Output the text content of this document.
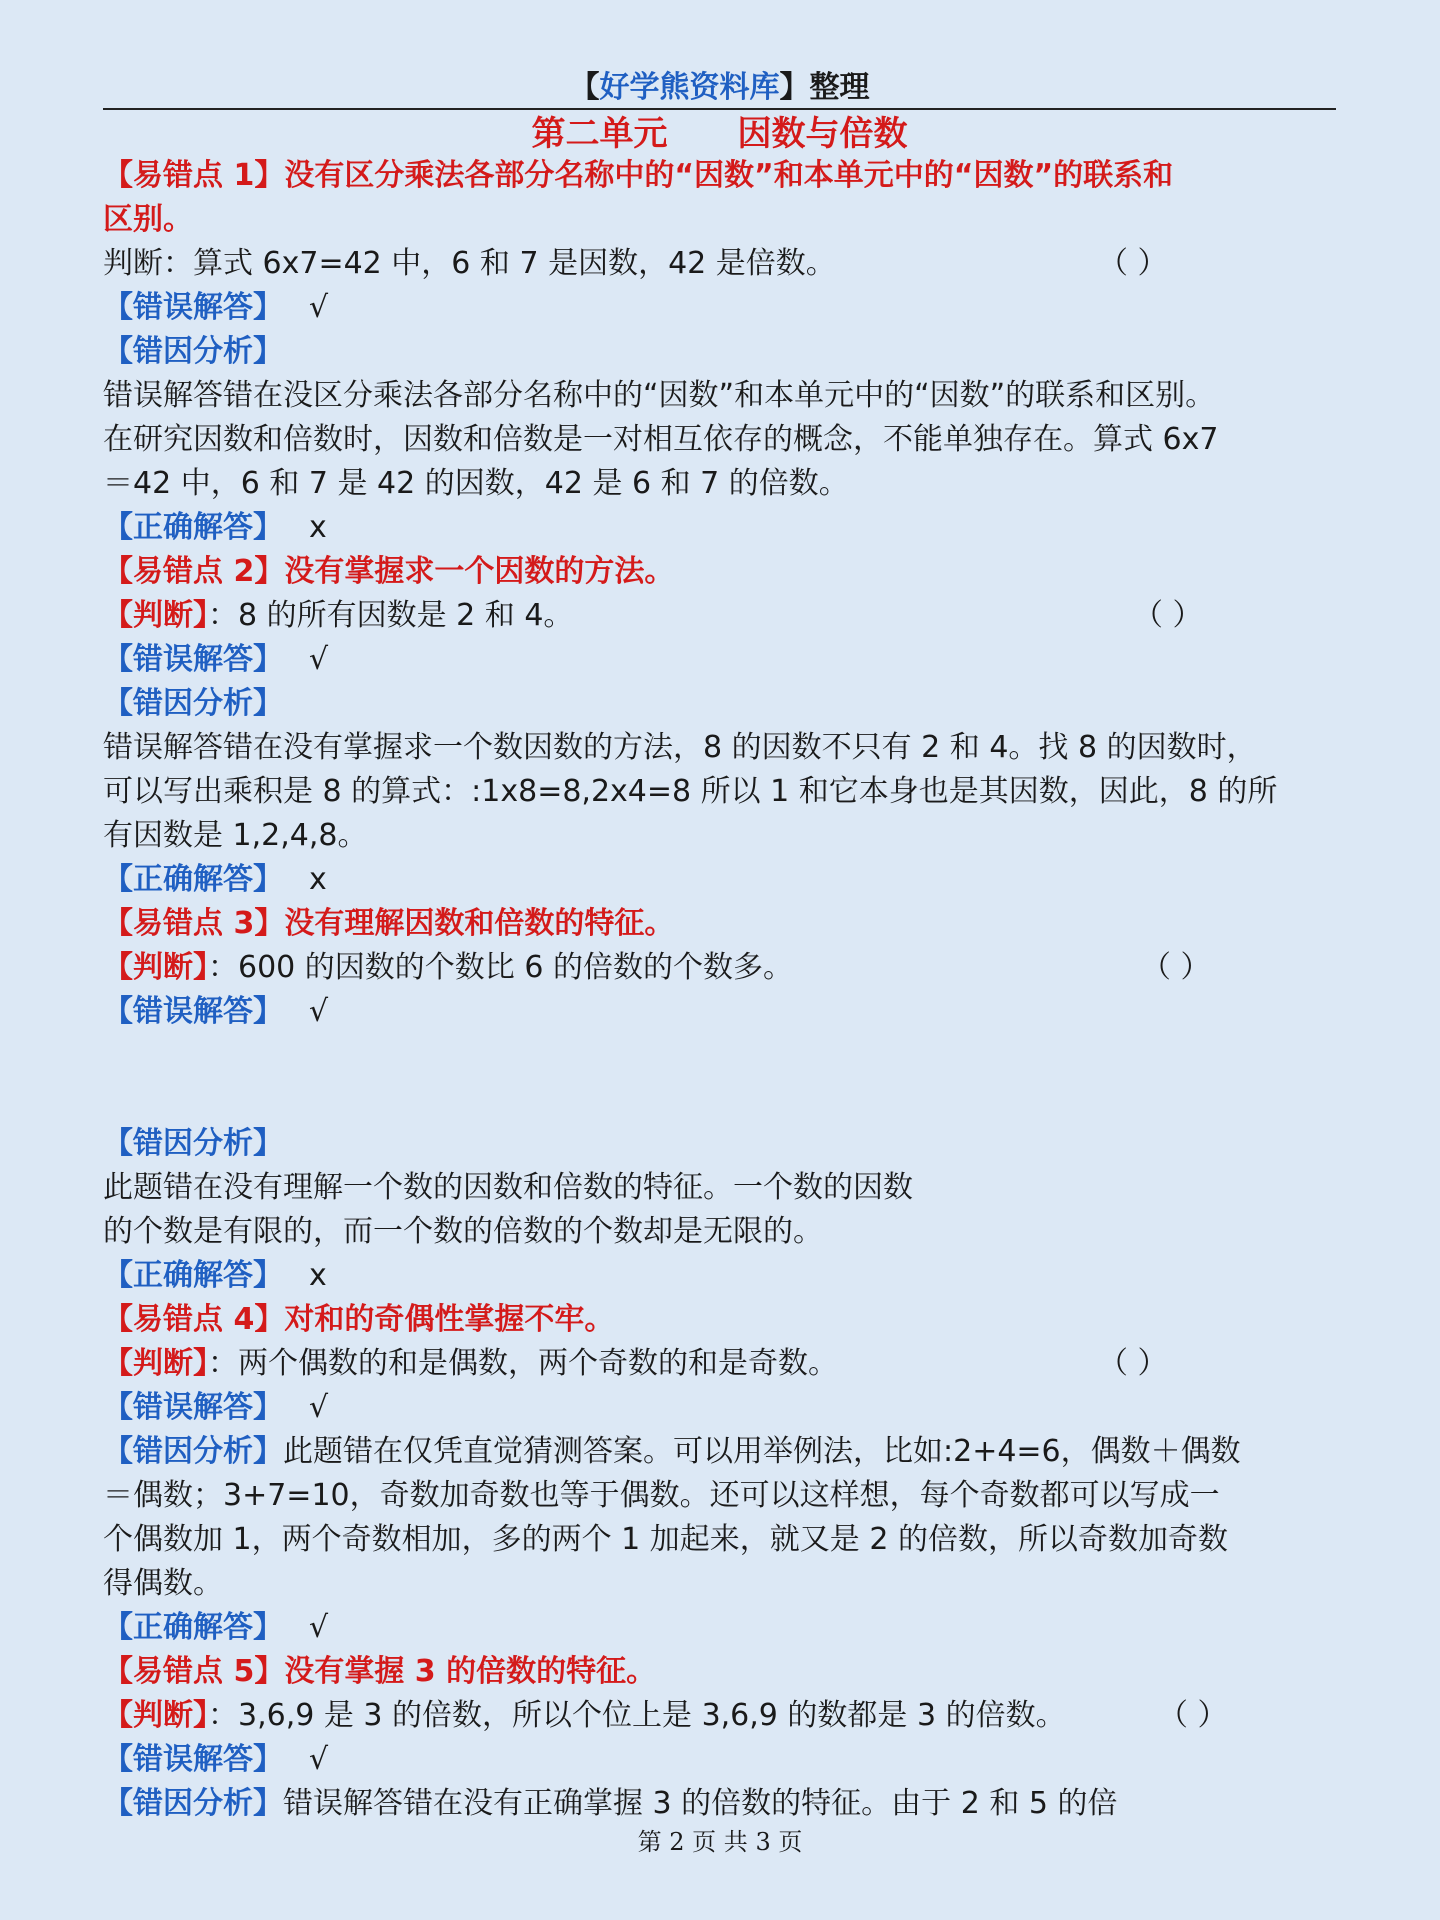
【好学熊资料库】整理
第二单元 因数与倍数
【易错点 1】没有区分乘法各部分名称中的“因数”和本单元中的“因数”的联系和
区别。
判断：算式 6x7=42 中，6 和 7 是因数，42 是倍数。	（ ）
【错误解答】 √
【错因分析】
错误解答错在没区分乘法各部分名称中的“因数”和本单元中的“因数”的联系和区别。
在研究因数和倍数时，因数和倍数是一对相互依存的概念，不能单独存在。算式 6x7
＝42 中，6 和 7 是 42 的因数，42 是 6 和 7 的倍数。
【正确解答】 x
【易错点 2】没有掌握求一个因数的方法。
【判断】：8 的所有因数是 2 和 4。	（ ）
【错误解答】 √
【错因分析】
错误解答错在没有掌握求一个数因数的方法，8 的因数不只有 2 和 4。找 8 的因数时，
可以写出乘积是 8 的算式：:1x8=8,2x4=8 所以 1 和它本身也是其因数，因此，8 的所
有因数是 1,2,4,8。
【正确解答】 x
【易错点 3】没有理解因数和倍数的特征。
【判断】：600 的因数的个数比 6 的倍数的个数多。	（ ）
【错误解答】 √
【错因分析】
此题错在没有理解一个数的因数和倍数的特征。一个数的因数
的个数是有限的，而一个数的倍数的个数却是无限的。
【正确解答】 x
【易错点 4】对和的奇偶性掌握不牢。
【判断】：两个偶数的和是偶数，两个奇数的和是奇数。	（ ）
【错误解答】 √
【错因分析】此题错在仅凭直觉猜测答案。可以用举例法，比如:2+4=6，偶数＋偶数
＝偶数；3+7=10，奇数加奇数也等于偶数。还可以这样想，每个奇数都可以写成一
个偶数加 1，两个奇数相加，多的两个 1 加起来，就又是 2 的倍数，所以奇数加奇数
得偶数。
【正确解答】 √
【易错点 5】没有掌握 3 的倍数的特征。
【判断】：3,6,9 是 3 的倍数，所以个位上是 3,6,9 的数都是 3 的倍数。	（ ）
【错误解答】 √
【错因分析】错误解答错在没有正确掌握 3 的倍数的特征。由于 2 和 5 的倍
第 2 页 共 3 页
